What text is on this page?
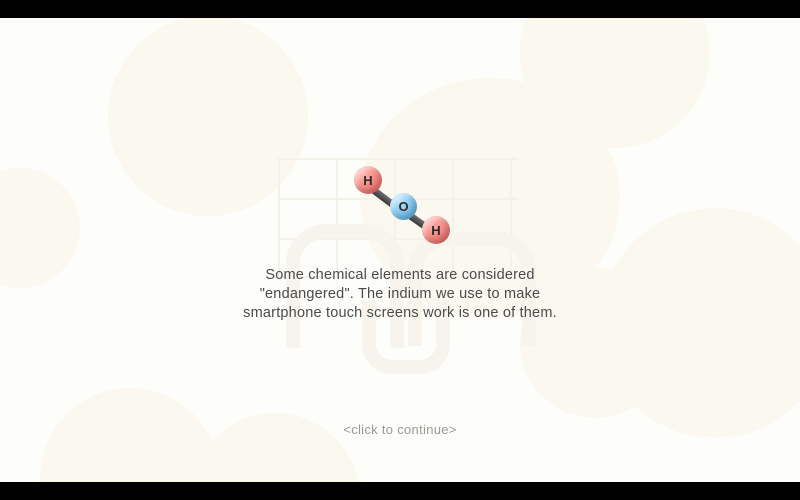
H
O
H
Some chemical elements are considered
"endangered". The indium we use to make
smartphone touch screens work is one of them.
<click to continue>
